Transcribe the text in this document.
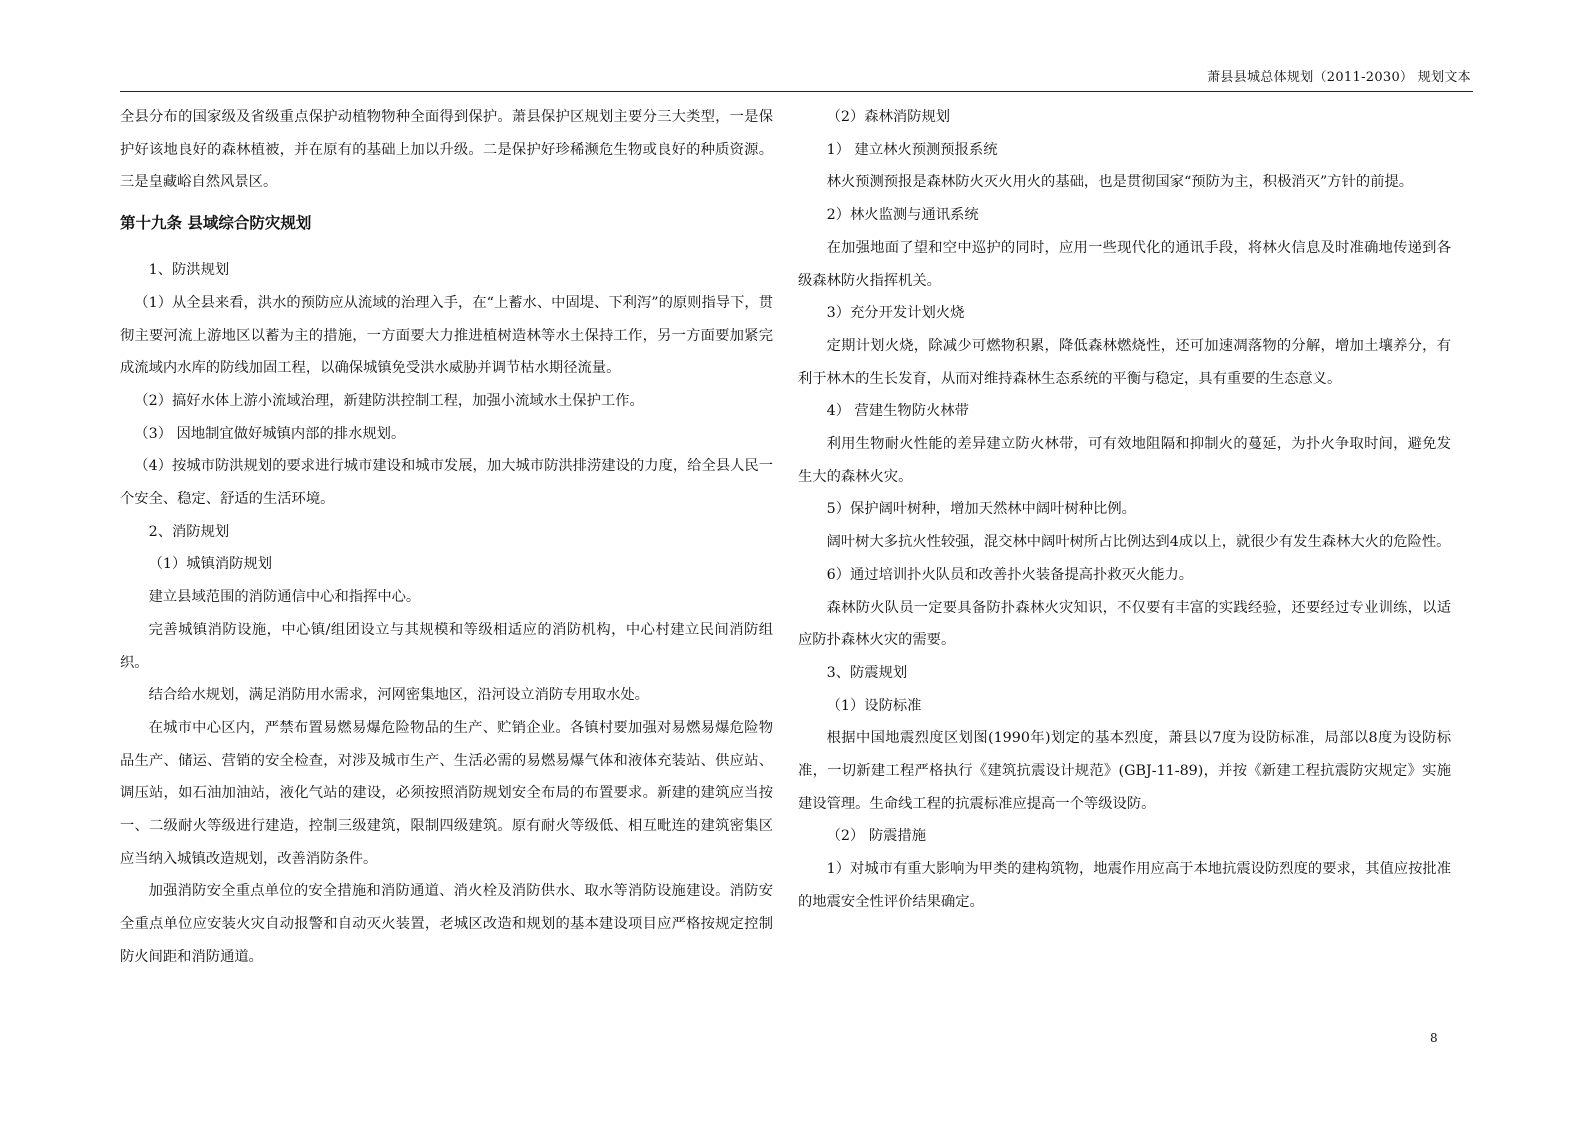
萧县县城总体规划（2011-2030） 规划文本

全县分布的国家级及省级重点保护动植物物种全面得到保护。萧县保护区规划主要分三大类型，一是保护好该地良好的森林植被，并在原有的基础上加以升级。二是保护好珍稀濒危生物或良好的种质资源。三是皇藏峪自然风景区。

第十九条 县域综合防灾规划

1、防洪规划

（1）从全县来看，洪水的预防应从流域的治理入手，在“上蓄水、中固堤、下利泻”的原则指导下，贯彻主要河流上游地区以蓄为主的措施，一方面要大力推进植树造林等水土保持工作，另一方面要加紧完成流域内水库的防线加固工程，以确保城镇免受洪水威胁并调节枯水期径流量。

（2）搞好水体上游小流域治理，新建防洪控制工程，加强小流域水土保护工作。

（3） 因地制宜做好城镇内部的排水规划。

（4）按城市防洪规划的要求进行城市建设和城市发展，加大城市防洪排涝建设的力度，给全县人民一个安全、稳定、舒适的生活环境。

2、消防规划

（1）城镇消防规划

建立县域范围的消防通信中心和指挥中心。

完善城镇消防设施，中心镇/组团设立与其规模和等级相适应的消防机构，中心村建立民间消防组织。

结合给水规划，满足消防用水需求，河网密集地区，沿河设立消防专用取水处。

在城市中心区内，严禁布置易燃易爆危险物品的生产、贮销企业。各镇村要加强对易燃易爆危险物品生产、储运、营销的安全检查，对涉及城市生产、生活必需的易燃易爆气体和液体充装站、供应站、调压站，如石油加油站，液化气站的建设，必须按照消防规划安全布局的布置要求。新建的建筑应当按一、二级耐火等级进行建造，控制三级建筑，限制四级建筑。原有耐火等级低、相互毗连的建筑密集区应当纳入城镇改造规划，改善消防条件。

加强消防安全重点单位的安全措施和消防通道、消火栓及消防供水、取水等消防设施建设。消防安全重点单位应安装火灾自动报警和自动灭火装置，老城区改造和规划的基本建设项目应严格按规定控制防火间距和消防通道。

（2）森林消防规划

1） 建立林火预测预报系统

林火预测预报是森林防火灭火用火的基础，也是贯彻国家“预防为主，积极消灭”方针的前提。

2）林火监测与通讯系统

在加强地面了望和空中巡护的同时，应用一些现代化的通讯手段，将林火信息及时准确地传递到各级森林防火指挥机关。

3）充分开发计划火烧

定期计划火烧，除减少可燃物积累，降低森林燃烧性，还可加速凋落物的分解，增加土壤养分，有利于林木的生长发育，从而对维持森林生态系统的平衡与稳定，具有重要的生态意义。

4） 营建生物防火林带

利用生物耐火性能的差异建立防火林带，可有效地阻隔和抑制火的蔓延，为扑火争取时间，避免发生大的森林火灾。

5）保护阔叶树种，增加天然林中阔叶树种比例。

阔叶树大多抗火性较强，混交林中阔叶树所占比例达到4成以上，就很少有发生森林大火的危险性。

6）通过培训扑火队员和改善扑火装备提高扑救灭火能力。

森林防火队员一定要具备防扑森林火灾知识，不仅要有丰富的实践经验，还要经过专业训练，以适应防扑森林火灾的需要。

3、防震规划

（1）设防标准

根据中国地震烈度区划图(1990年)划定的基本烈度，萧县以7度为设防标准，局部以8度为设防标准，一切新建工程严格执行《建筑抗震设计规范》(GBJ-11-89)，并按《新建工程抗震防灾规定》实施建设管理。生命线工程的抗震标准应提高一个等级设防。

（2） 防震措施

1）对城市有重大影响为甲类的建构筑物，地震作用应高于本地抗震设防烈度的要求，其值应按批准的地震安全性评价结果确定。

8
